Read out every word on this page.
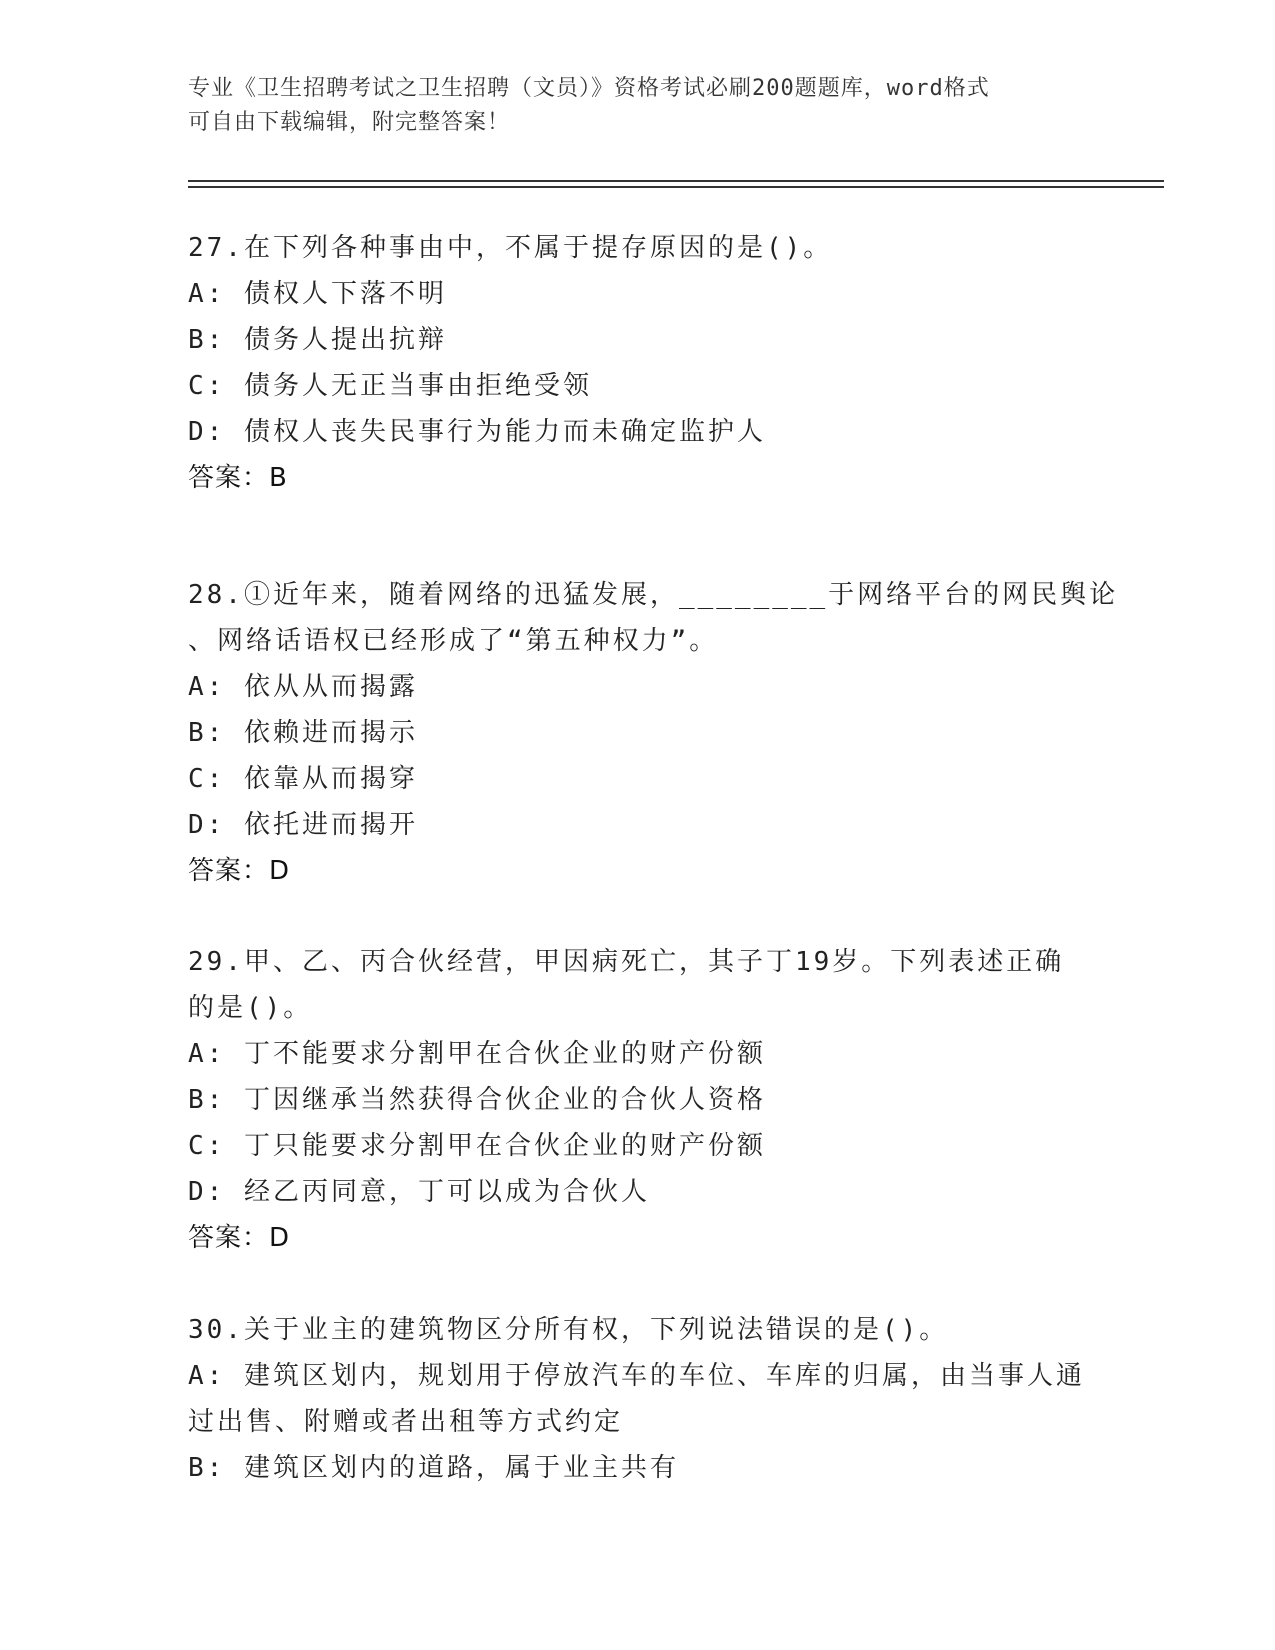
专业《卫生招聘考试之卫生招聘（文员）》资格考试必刷200题题库，word格式
可自由下载编辑，附完整答案！
27.在下列各种事由中，不属于提存原因的是()。
A: 债权人下落不明
B: 债务人提出抗辩
C: 债务人无正当事由拒绝受领
D: 债权人丧失民事行为能力而未确定监护人
答案：B
28.①近年来，随着网络的迅猛发展，________于网络平台的网民舆论
、网络话语权已经形成了“第五种权力”。
A: 依从从而揭露
B: 依赖进而揭示
C: 依靠从而揭穿
D: 依托进而揭开
答案：D
29.甲、乙、丙合伙经营，甲因病死亡，其子丁19岁。下列表述正确
的是()。
A: 丁不能要求分割甲在合伙企业的财产份额
B: 丁因继承当然获得合伙企业的合伙人资格
C: 丁只能要求分割甲在合伙企业的财产份额
D: 经乙丙同意，丁可以成为合伙人
答案：D
30.关于业主的建筑物区分所有权，下列说法错误的是()。
A: 建筑区划内，规划用于停放汽车的车位、车库的归属，由当事人通
过出售、附赠或者出租等方式约定
B: 建筑区划内的道路，属于业主共有
